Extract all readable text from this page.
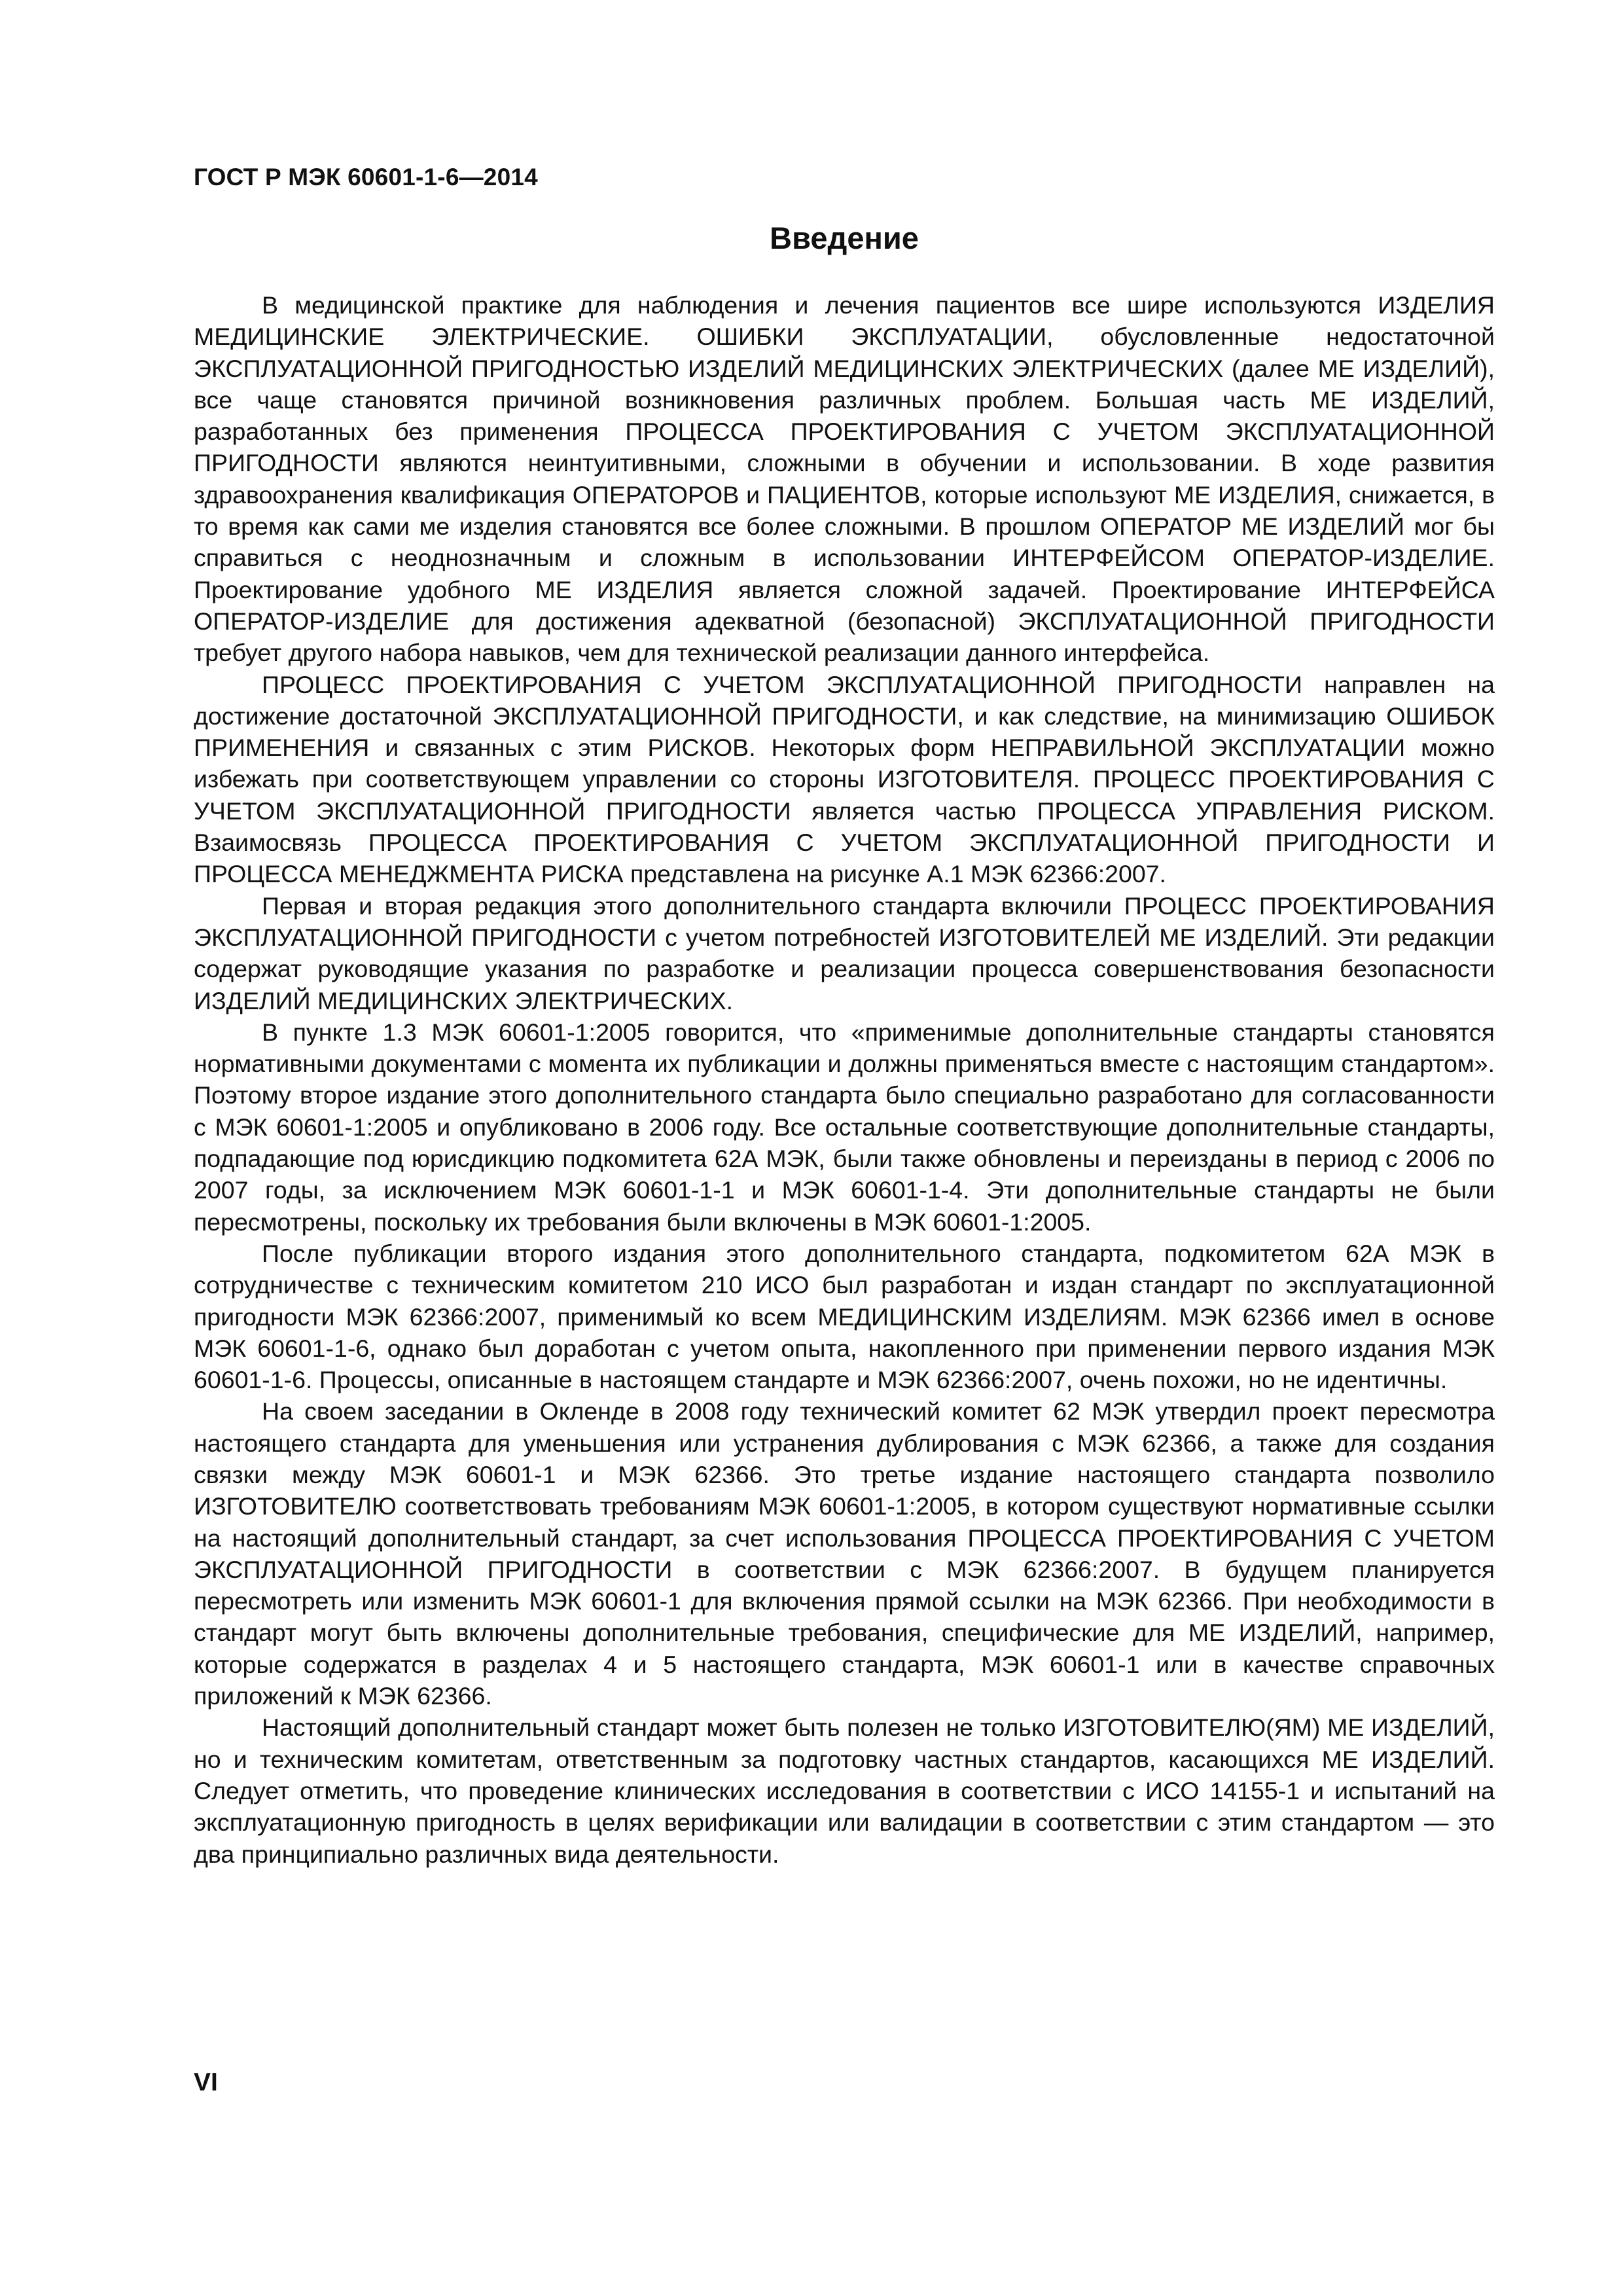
ГОСТ Р МЭК 60601-1-6—2014

Введение

В медицинской практике для наблюдения и лечения пациентов все шире используются ИЗДЕЛИЯ МЕДИЦИНСКИЕ ЭЛЕКТРИЧЕСКИЕ. ОШИБКИ ЭКСПЛУАТАЦИИ, обусловленные недостаточной ЭКСПЛУАТАЦИОННОЙ ПРИГОДНОСТЬЮ ИЗДЕЛИЙ МЕДИЦИНСКИХ ЭЛЕКТРИЧЕСКИХ (далее МЕ ИЗДЕЛИЙ), все чаще становятся причиной возникновения различных проблем. Большая часть МЕ ИЗДЕЛИЙ, разработанных без применения ПРОЦЕССА ПРОЕКТИРОВАНИЯ С УЧЕТОМ ЭКСПЛУАТАЦИОННОЙ ПРИГОДНОСТИ являются неинтуитивными, сложными в обучении и использовании. В ходе развития здравоохранения квалификация ОПЕРАТОРОВ и ПАЦИЕНТОВ, которые используют МЕ ИЗДЕЛИЯ, снижается, в то время как сами ме изделия становятся все более сложными. В прошлом ОПЕРАТОР МЕ ИЗДЕЛИЙ мог бы справиться с неоднозначным и сложным в использовании ИНТЕРФЕЙСОМ ОПЕРАТОР-ИЗДЕЛИЕ. Проектирование удобного МЕ ИЗДЕЛИЯ является сложной задачей. Проектирование ИНТЕРФЕЙСА ОПЕРАТОР-ИЗДЕЛИЕ для достижения адекватной (безопасной) ЭКСПЛУАТАЦИОННОЙ ПРИГОДНОСТИ требует другого набора навыков, чем для технической реализации данного интерфейса.

ПРОЦЕСС ПРОЕКТИРОВАНИЯ С УЧЕТОМ ЭКСПЛУАТАЦИОННОЙ ПРИГОДНОСТИ направлен на достижение достаточной ЭКСПЛУАТАЦИОННОЙ ПРИГОДНОСТИ, и как следствие, на минимизацию ОШИБОК ПРИМЕНЕНИЯ и связанных с этим РИСКОВ. Некоторых форм НЕПРАВИЛЬНОЙ ЭКСПЛУАТАЦИИ можно избежать при соответствующем управлении со стороны ИЗГОТОВИТЕЛЯ. ПРОЦЕСС ПРОЕКТИРОВАНИЯ С УЧЕТОМ ЭКСПЛУАТАЦИОННОЙ ПРИГОДНОСТИ является частью ПРОЦЕССА УПРАВЛЕНИЯ РИСКОМ. Взаимосвязь ПРОЦЕССА ПРОЕКТИРОВАНИЯ С УЧЕТОМ ЭКСПЛУАТАЦИОННОЙ ПРИГОДНОСТИ И ПРОЦЕССА МЕНЕДЖМЕНТА РИСКА представлена на рисунке А.1 МЭК 62366:2007.

Первая и вторая редакция этого дополнительного стандарта включили ПРОЦЕСС ПРОЕКТИРОВАНИЯ ЭКСПЛУАТАЦИОННОЙ ПРИГОДНОСТИ с учетом потребностей ИЗГОТОВИТЕЛЕЙ МЕ ИЗДЕЛИЙ. Эти редакции содержат руководящие указания по разработке и реализации процесса совершенствования безопасности ИЗДЕЛИЙ МЕДИЦИНСКИХ ЭЛЕКТРИЧЕСКИХ.

В пункте 1.3 МЭК 60601-1:2005 говорится, что «применимые дополнительные стандарты становятся нормативными документами с момента их публикации и должны применяться вместе с настоящим стандартом». Поэтому второе издание этого дополнительного стандарта было специально разработано для согласованности с МЭК 60601-1:2005 и опубликовано в 2006 году. Все остальные соответствующие дополнительные стандарты, подпадающие под юрисдикцию подкомитета 62А МЭК, были также обновлены и переизданы в период с 2006 по 2007 годы, за исключением МЭК 60601-1-1 и МЭК 60601-1-4. Эти дополнительные стандарты не были пересмотрены, поскольку их требования были включены в МЭК 60601-1:2005.

После публикации второго издания этого дополнительного стандарта, подкомитетом 62А МЭК в сотрудничестве с техническим комитетом 210 ИСО был разработан и издан стандарт по эксплуатационной пригодности МЭК 62366:2007, применимый ко всем МЕДИЦИНСКИМ ИЗДЕЛИЯМ. МЭК 62366 имел в основе МЭК 60601-1-6, однако был доработан с учетом опыта, накопленного при применении первого издания МЭК 60601-1-6. Процессы, описанные в настоящем стандарте и МЭК 62366:2007, очень похожи, но не идентичны.

На своем заседании в Окленде в 2008 году технический комитет 62 МЭК утвердил проект пересмотра настоящего стандарта для уменьшения или устранения дублирования с МЭК 62366, а также для создания связки между МЭК 60601-1 и МЭК 62366. Это третье издание настоящего стандарта позволило ИЗГОТОВИТЕЛЮ соответствовать требованиям МЭК 60601-1:2005, в котором существуют нормативные ссылки на настоящий дополнительный стандарт, за счет использования ПРОЦЕССА ПРОЕКТИРОВАНИЯ С УЧЕТОМ ЭКСПЛУАТАЦИОННОЙ ПРИГОДНОСТИ в соответствии с МЭК 62366:2007. В будущем планируется пересмотреть или изменить МЭК 60601-1 для включения прямой ссылки на МЭК 62366. При необходимости в стандарт могут быть включены дополнительные требования, специфические для МЕ ИЗДЕЛИЙ, например, которые содержатся в разделах 4 и 5 настоящего стандарта, МЭК 60601-1 или в качестве справочных приложений к МЭК 62366.

Настоящий дополнительный стандарт может быть полезен не только ИЗГОТОВИТЕЛЮ(ЯМ) МЕ ИЗДЕЛИЙ, но и техническим комитетам, ответственным за подготовку частных стандартов, касающихся МЕ ИЗДЕЛИЙ. Следует отметить, что проведение клинических исследования в соответствии с ИСО 14155-1 и испытаний на эксплуатационную пригодность в целях верификации или валидации в соответствии с этим стандартом — это два принципиально различных вида деятельности.

VI
